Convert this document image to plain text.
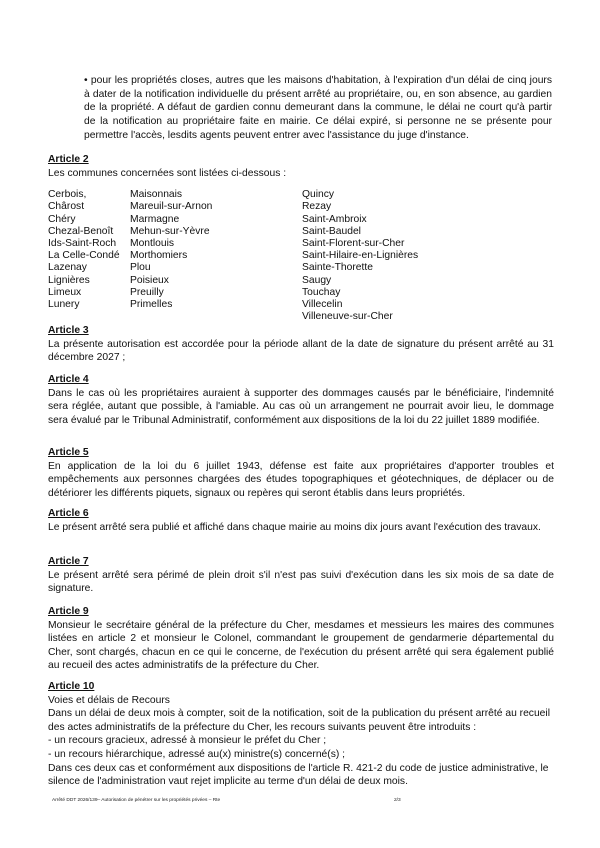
• pour les propriétés closes, autres que les maisons d'habitation, à l'expiration d'un délai de cinq jours à dater de la notification individuelle du présent arrêté au propriétaire, ou, en son absence, au gardien de la propriété. A défaut de gardien connu demeurant dans la commune, le délai ne court qu'à partir de la notification au propriétaire faite en mairie. Ce délai expiré, si personne ne se présente pour permettre l'accès, lesdits agents peuvent entrer avec l'assistance du juge d'instance.

Article 2

Les communes concernées sont listées ci-dessous :

Cerbois,
Chârost
Chéry
Chezal-Benoît
Ids-Saint-Roch
La Celle-Condé
Lazenay
Lignières
Limeux
Lunery
Maisonnais
Mareuil-sur-Arnon
Marmagne
Mehun-sur-Yèvre
Montlouis
Morthomiers
Plou
Poisieux
Preuilly
Primelles
Quincy
Rezay
Saint-Ambroix
Saint-Baudel
Saint-Florent-sur-Cher
Saint-Hilaire-en-Lignières
Sainte-Thorette
Saugy
Touchay
Villecelin
Villeneuve-sur-Cher
Article 3

La présente autorisation est accordée pour la période allant de la date de signature du présent arrêté au 31 décembre 2027 ;

Article 4

Dans le cas où les propriétaires auraient à supporter des dommages causés par le bénéficiaire, l'indemnité sera réglée, autant que possible, à l'amiable. Au cas où un arrangement ne pourrait avoir lieu, le dommage sera évalué par le Tribunal Administratif, conformément aux dispositions de la loi du 22 juillet 1889 modifiée.

Article 5

En application de la loi du 6 juillet 1943, défense est faite aux propriétaires d'apporter troubles et empêchements aux personnes chargées des études topographiques et géotechniques, de déplacer ou de détériorer les différents piquets, signaux ou repères qui seront établis dans leurs propriétés.

Article 6

Le présent arrêté sera publié et affiché dans chaque mairie au moins dix jours avant l'exécution des travaux.

Article 7

Le présent arrêté sera périmé de plein droit s'il n'est pas suivi d'exécution dans les six mois de sa date de signature.

Article 9

Monsieur le secrétaire général de la préfecture du Cher, mesdames et messieurs les maires des communes listées en article 2 et monsieur le Colonel, commandant le groupement de gendarmerie départemental du Cher, sont chargés, chacun en ce qui le concerne, de l'exécution du présent arrêté qui sera également publié au recueil des actes administratifs de la préfecture du Cher.

Article 10

Voies et délais de Recours

Dans un délai de deux mois à compter, soit de la notification, soit de la publication du présent arrêté au recueil des actes administratifs de la préfecture du Cher, les recours suivants peuvent être introduits :

- un recours gracieux, adressé à monsieur le préfet du Cher ;

- un recours hiérarchique, adressé au(x) ministre(s) concerné(s) ;

Dans ces deux cas et conformément aux dispositions de l'article R. 421-2 du code de justice administrative, le silence de l'administration vaut rejet implicite au terme d'un délai de deux mois.

Arrêté DDT 2026/139– Autorisation de pénétrer sur les propriétés privées – Rte	2/3
